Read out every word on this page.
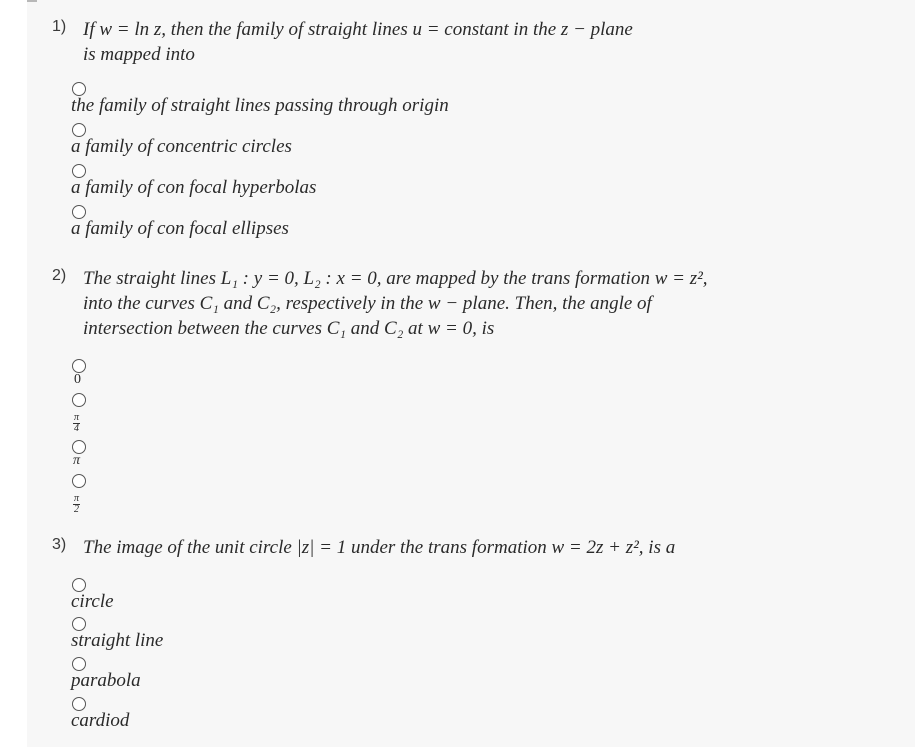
1) If w = ln z, then the family of straight lines u = constant in the z − plane
is mapped into
the family of straight lines passing through origin
a family of concentric circles
a family of con focal hyperbolas
a family of con focal ellipses
2) The straight lines L₁ : y = 0, L₂ : x = 0, are mapped by the trans formation w = z²,
into the curves C₁ and C₂, respectively in the w − plane. Then, the angle of
intersection between the curves C₁ and C₂ at w = 0, is
0
$\frac{\pi}{4}$
π
$\frac{\pi}{2}$
3) The image of the unit circle |z| = 1 under the trans formation w = 2z + z², is a
circle
straight line
parabola
cardiod
